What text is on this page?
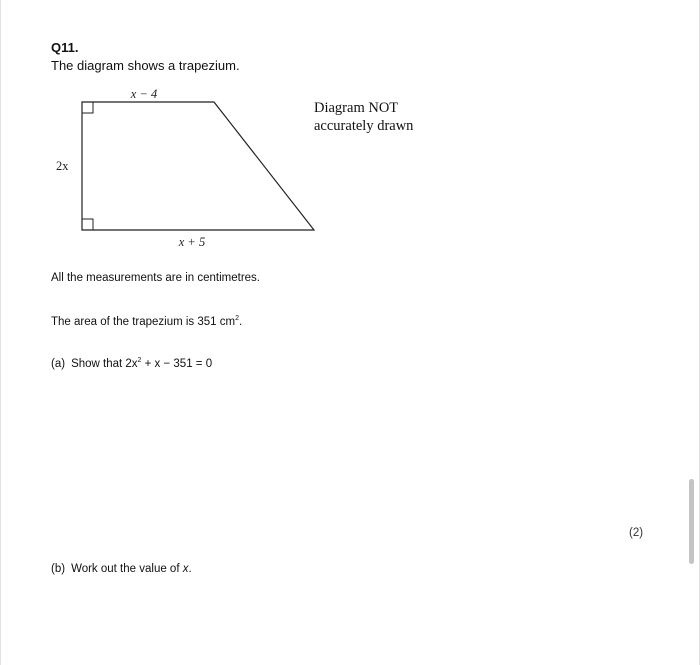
Q11.
The diagram shows a trapezium.
x − 4
2x
x + 5
Diagram NOT
accurately drawn
All the measurements are in centimetres.
The area of the trapezium is 351 $cm^2$.
(a) Show that $2x^2 + x - 351 = 0$
(2)
(b) Work out the value of x.
